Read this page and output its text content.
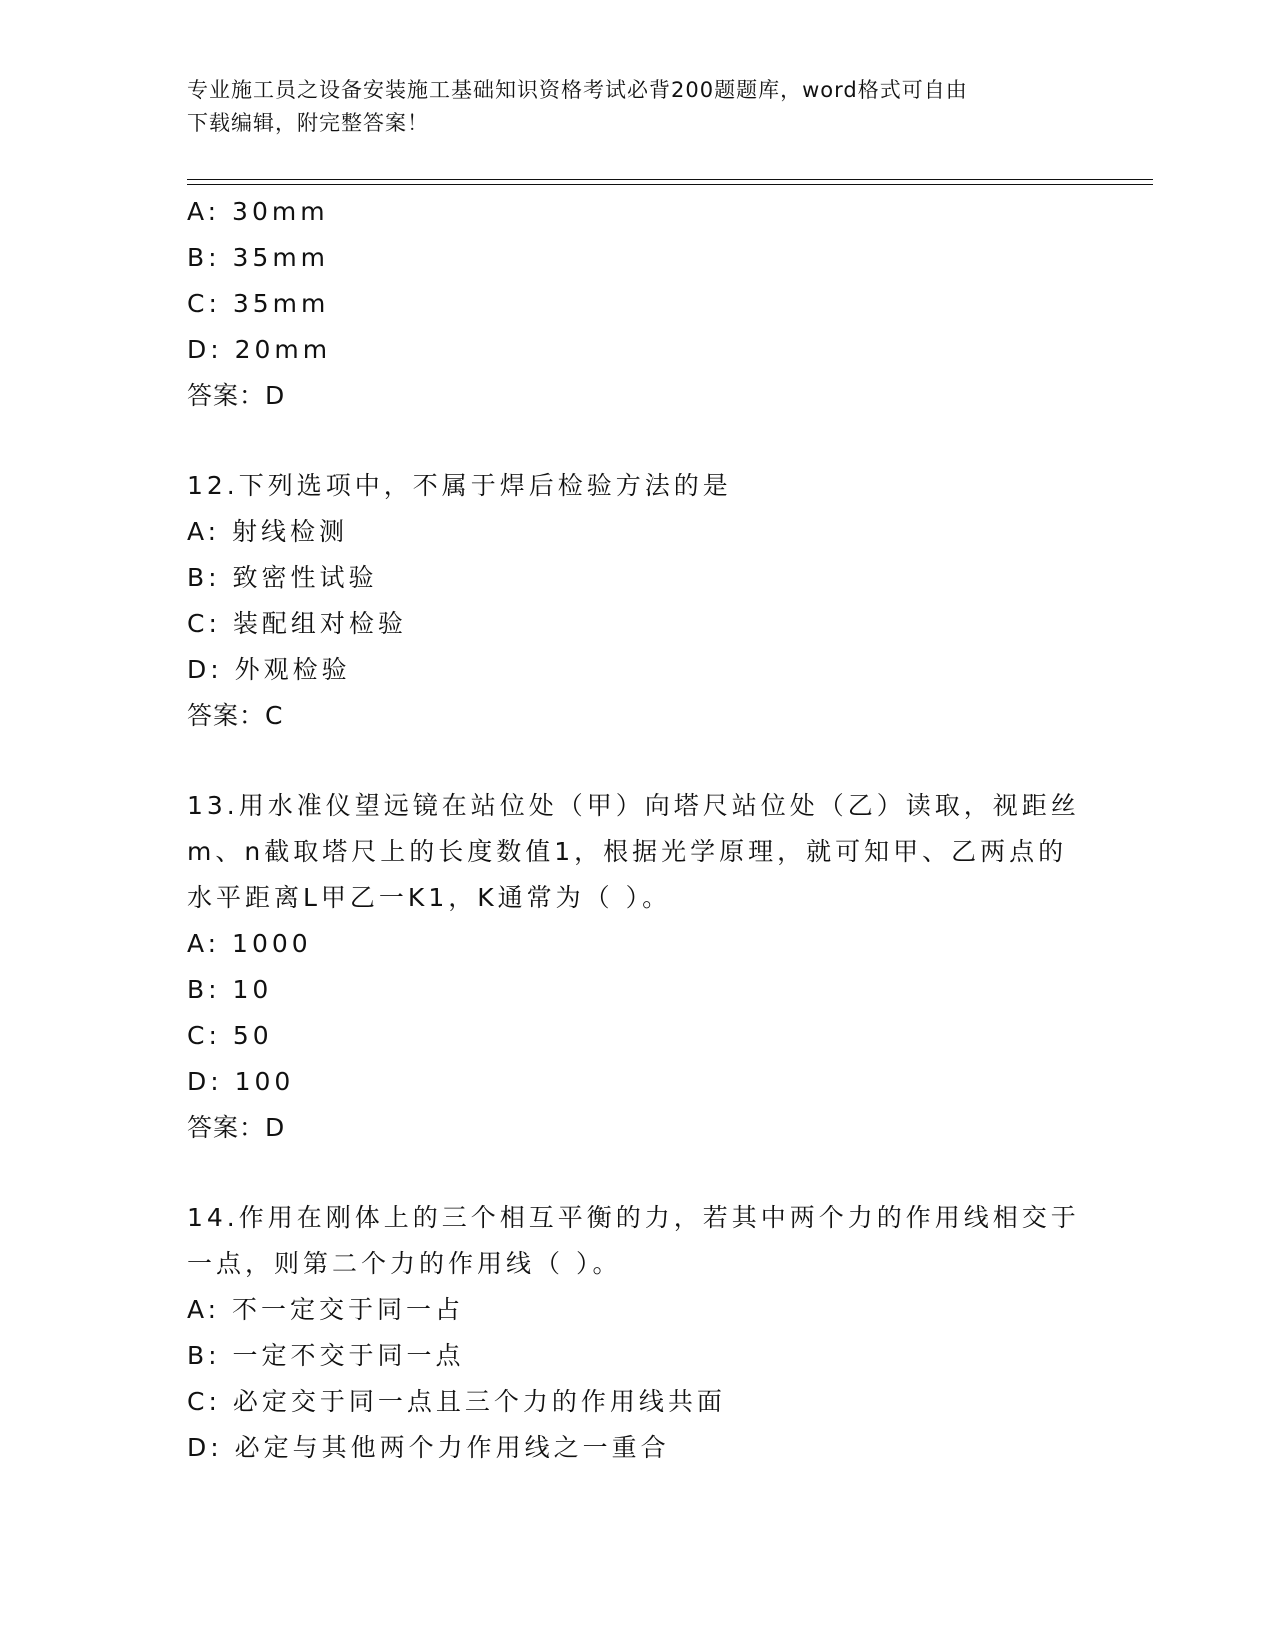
专业施工员之设备安装施工基础知识资格考试必背200题题库，word格式可自由
下载编辑，附完整答案！
A: 30mm
B: 35mm
C: 35mm
D: 20mm
答案：D
12.下列选项中，不属于焊后检验方法的是
A: 射线检测
B: 致密性试验
C: 装配组对检验
D: 外观检验
答案：C
13.用水准仪望远镜在站位处（甲）向塔尺站位处（乙）读取，视距丝
m、n截取塔尺上的长度数值1，根据光学原理，就可知甲、乙两点的
水平距离L甲乙一K1，K通常为（ ）。
A: 1000
B: 10
C: 50
D: 100
答案：D
14.作用在刚体上的三个相互平衡的力，若其中两个力的作用线相交于
一点，则第二个力的作用线（ ）。
A: 不一定交于同一占
B: 一定不交于同一点
C: 必定交于同一点且三个力的作用线共面
D: 必定与其他两个力作用线之一重合
